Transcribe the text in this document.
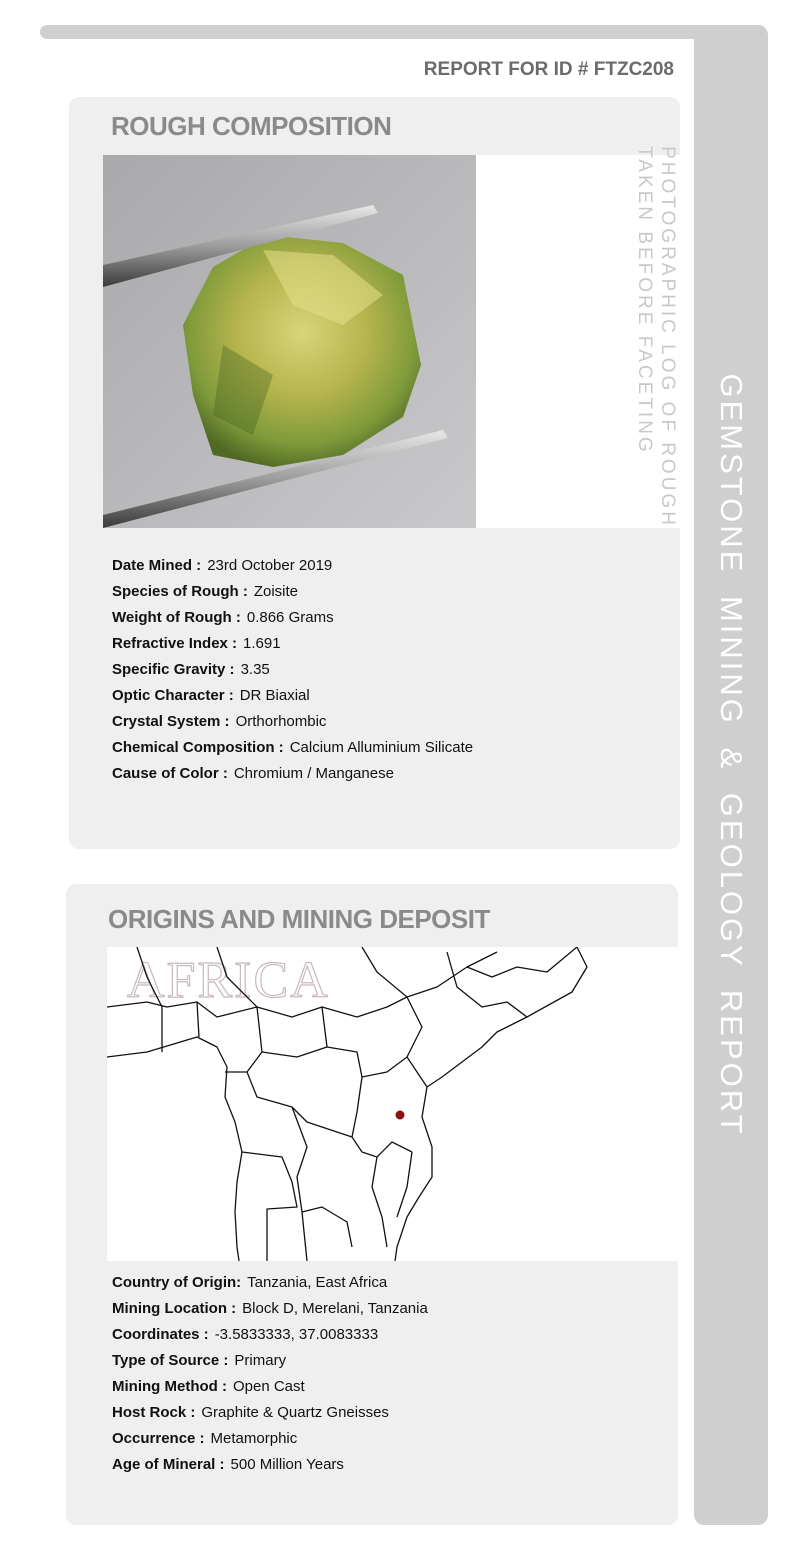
GEMSTONE MINING & GEOLOGY REPORT
REPORT FOR ID # FTZC208
ROUGH COMPOSITION
PHOTOGRAPHIC LOG OF ROUGH
TAKEN BEFORE FACETING
Date Mined : 23rd October 2019
Species of Rough : Zoisite
Weight of Rough : 0.866 Grams
Refractive Index : 1.691
Specific Gravity : 3.35
Optic Character : DR Biaxial
Crystal System : Orthorhombic
Chemical Composition : Calcium Alluminium Silicate
Cause of Color : Chromium / Manganese
ORIGINS AND MINING DEPOSIT
AFRICA
Country of Origin: Tanzania, East Africa
Mining Location : Block D, Merelani, Tanzania
Coordinates : -3.5833333, 37.0083333
Type of Source : Primary
Mining Method : Open Cast
Host Rock : Graphite & Quartz Gneisses
Occurrence : Metamorphic
Age of Mineral : 500 Million Years
